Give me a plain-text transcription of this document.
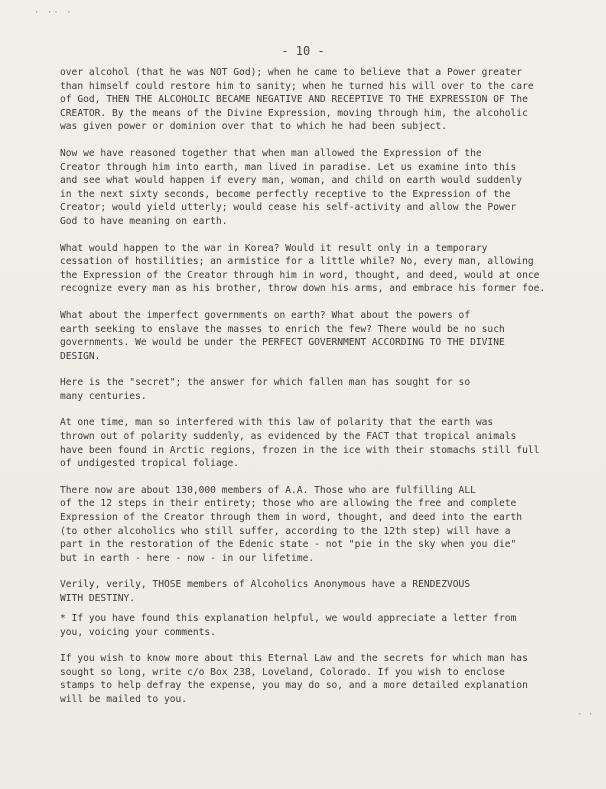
· ·· ·
- 10 -

over alcohol (that he was NOT God); when he came to believe that a Power greater
than himself could restore him to sanity; when he turned his will over to the care
of God, THEN THE ALCOHOLIC BECAME NEGATIVE AND RECEPTIVE TO THE EXPRESSION OF The
CREATOR. By the means of the Divine Expression, moving through him, the alcoholic
was given power or dominion over that to which he had been subject.

Now we have reasoned together that when man allowed the Expression of the
Creator through him into earth, man lived in paradise. Let us examine into this
and see what would happen if every man, woman, and child on earth would suddenly
in the next sixty seconds, become perfectly receptive to the Expression of the
Creator; would yield utterly; would cease his self-activity and allow the Power
God to have meaning on earth.

What would happen to the war in Korea? Would it result only in a temporary
cessation of hostilities; an armistice for a little while? No, every man, allowing
the Expression of the Creator through him in word, thought, and deed, would at once
recognize every man as his brother, throw down his arms, and embrace his former foe.

What about the imperfect governments on earth? What about the powers of
earth seeking to enslave the masses to enrich the few? There would be no such
governments. We would be under the PERFECT GOVERNMENT ACCORDING TO THE DIVINE
DESIGN.

Here is the "secret"; the answer for which fallen man has sought for so
many centuries.

At one time, man so interfered with this law of polarity that the earth was
thrown out of polarity suddenly, as evidenced by the FACT that tropical animals
have been found in Arctic regions, frozen in the ice with their stomachs still full
of undigested tropical foliage.

There now are about 130,000 members of A.A. Those who are fulfilling ALL
of the 12 steps in their entirety; those who are allowing the free and complete
Expression of the Creator through them in word, thought, and deed into the earth
(to other alcoholics who still suffer, according to the 12th step) will have a
part in the restoration of the Edenic state - not "pie in the sky when you die"
but in earth - here - now - in our lifetime.

Verily, verily, THOSE members of Alcoholics Anonymous have a RENDEZVOUS
WITH DESTINY.

* If you have found this explanation helpful, we would appreciate a letter from
you, voicing your comments.

If you wish to know more about this Eternal Law and the secrets for which man has
sought so long, write c/o Box 238, Loveland, Colorado. If you wish to enclose
stamps to help defray the expense, you may do so, and a more detailed explanation
will be mailed to you.

· ·
